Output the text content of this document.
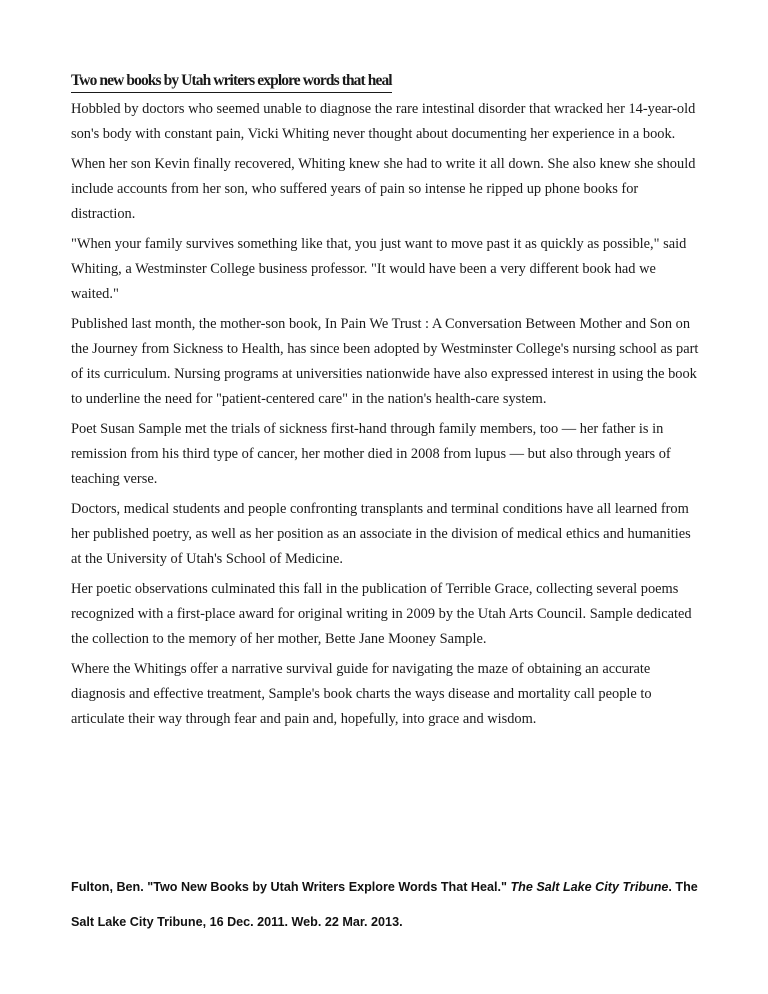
Two new books by Utah writers explore words that heal

Hobbled by doctors who seemed unable to diagnose the rare intestinal disorder that wracked her 14-year-old son's body with constant pain, Vicki Whiting never thought about documenting her experience in a book.

When her son Kevin finally recovered, Whiting knew she had to write it all down. She also knew she should include accounts from her son, who suffered years of pain so intense he ripped up phone books for distraction.

"When your family survives something like that, you just want to move past it as quickly as possible," said Whiting, a Westminster College business professor. "It would have been a very different book had we waited."

Published last month, the mother-son book, In Pain We Trust : A Conversation Between Mother and Son on the Journey from Sickness to Health, has since been adopted by Westminster College's nursing school as part of its curriculum. Nursing programs at universities nationwide have also expressed interest in using the book to underline the need for "patient-centered care" in the nation's health-care system.

Poet Susan Sample met the trials of sickness first-hand through family members, too — her father is in remission from his third type of cancer, her mother died in 2008 from lupus — but also through years of teaching verse.

Doctors, medical students and people confronting transplants and terminal conditions have all learned from her published poetry, as well as her position as an associate in the division of medical ethics and humanities at the University of Utah's School of Medicine.

Her poetic observations culminated this fall in the publication of Terrible Grace, collecting several poems recognized with a first-place award for original writing in 2009 by the Utah Arts Council. Sample dedicated the collection to the memory of her mother, Bette Jane Mooney Sample.

Where the Whitings offer a narrative survival guide for navigating the maze of obtaining an accurate diagnosis and effective treatment, Sample's book charts the ways disease and mortality call people to articulate their way through fear and pain and, hopefully, into grace and wisdom.

Fulton, Ben. "Two New Books by Utah Writers Explore Words That Heal." The Salt Lake City Tribune. The Salt Lake City Tribune, 16 Dec. 2011. Web. 22 Mar. 2013.
